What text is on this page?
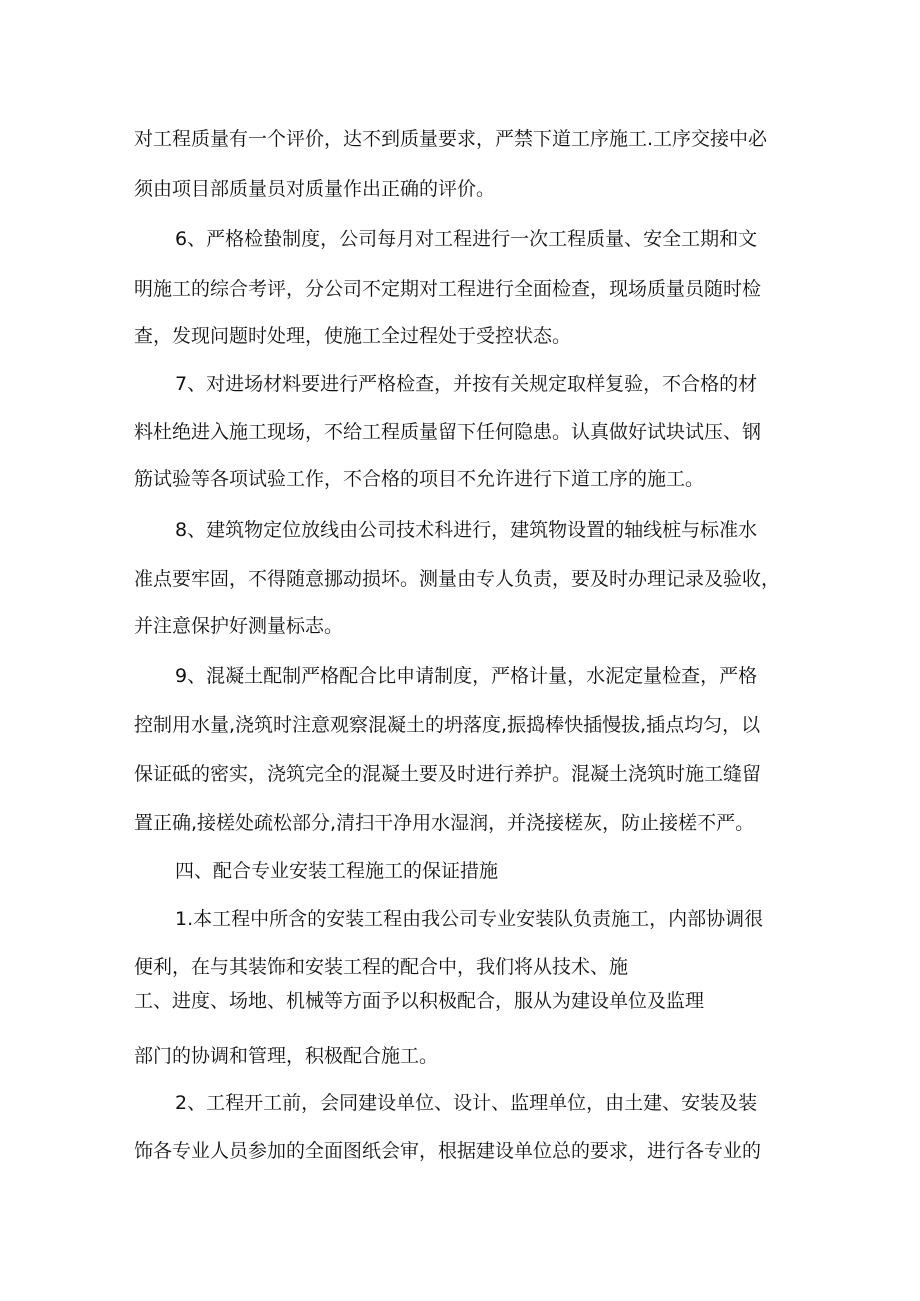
对工程质量有一个评价，达不到质量要求，严禁下道工序施工.工序交接中必

须由项目部质量员对质量作出正确的评价。

6、严格检蛰制度，公司每月对工程进行一次工程质量、安全工期和文

明施工的综合考评，分公司不定期对工程进行全面检查，现场质量员随时检

查，发现问题时处理，使施工全过程处于受控状态。

7、对进场材料要进行严格检查，并按有关规定取样复验，不合格的材

料杜绝进入施工现场，不给工程质量留下任何隐患。认真做好试块试压、钢

筋试验等各项试验工作，不合格的项目不允许进行下道工序的施工。

8、建筑物定位放线由公司技术科进行，建筑物设置的轴线桩与标准水

准点要牢固，不得随意挪动损坏。测量由专人负责，要及时办理记录及验收，

并注意保护好测量标志。

9、混凝土配制严格配合比申请制度，严格计量，水泥定量检查，严格

控制用水量,浇筑时注意观察混凝土的坍落度,振捣棒快插慢拔,插点均匀，以

保证砥的密实，浇筑完全的混凝土要及时进行养护。混凝土浇筑时施工缝留

置正确,接槎处疏松部分,清扫干净用水湿润，并浇接槎灰，防止接槎不严。

四、配合专业安装工程施工的保证措施

1.本工程中所含的安装工程由我公司专业安装队负责施工，内部协调很

便利，在与其装饰和安装工程的配合中，我们将从技术、施

工、进度、场地、机械等方面予以积极配合，服从为建设单位及监理

部门的协调和管理，积极配合施工。

2、工程开工前，会同建设单位、设计、监理单位，由土建、安装及装

饰各专业人员参加的全面图纸会审，根据建设单位总的要求，进行各专业的
